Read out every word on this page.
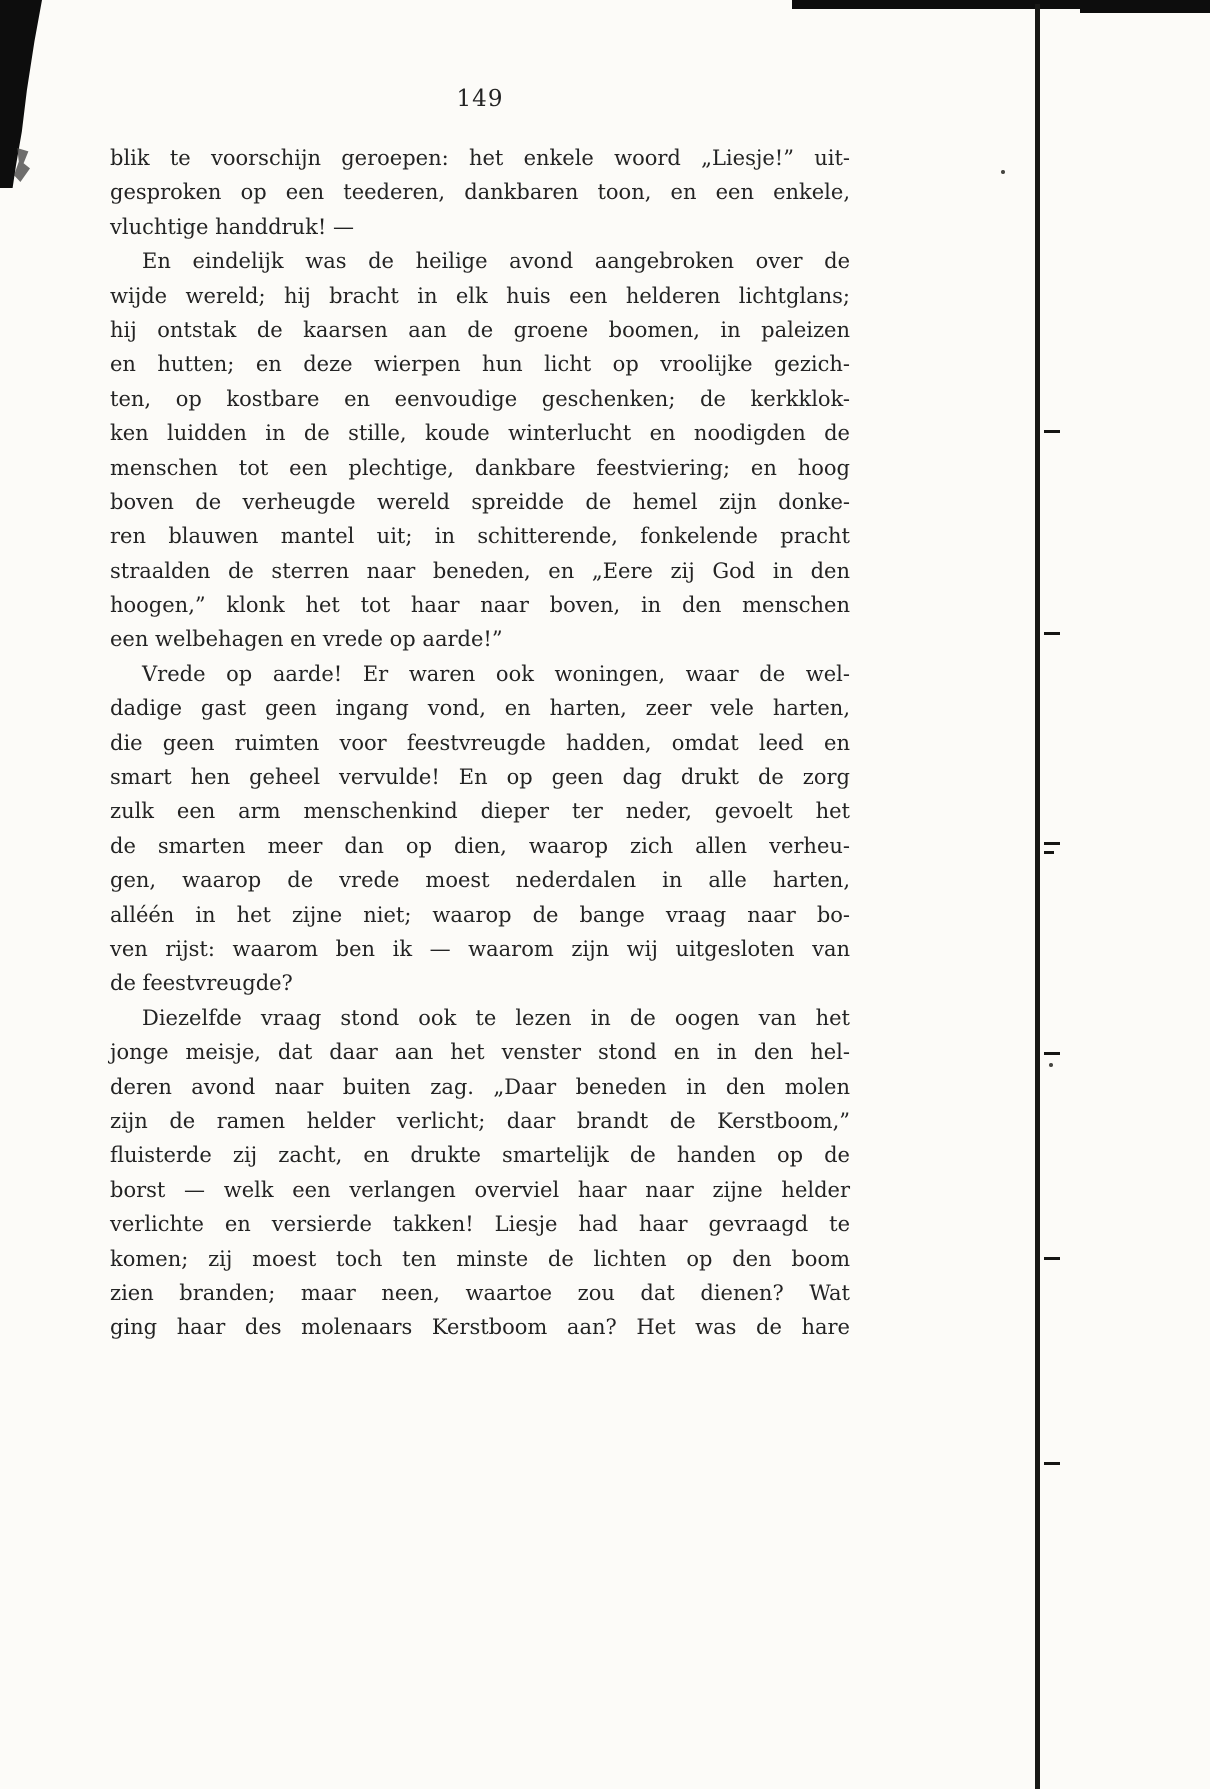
149
blik te voorschijn geroepen: het enkele woord „Liesje!” uit-
gesproken op een teederen, dankbaren toon, en een enkele,
vluchtige handdruk! —
En eindelijk was de heilige avond aangebroken over de
wijde wereld; hij bracht in elk huis een helderen lichtglans;
hij ontstak de kaarsen aan de groene boomen, in paleizen
en hutten; en deze wierpen hun licht op vroolijke gezich-
ten, op kostbare en eenvoudige geschenken; de kerkklok-
ken luidden in de stille, koude winterlucht en noodigden de
menschen tot een plechtige, dankbare feestviering; en hoog
boven de verheugde wereld spreidde de hemel zijn donke-
ren blauwen mantel uit; in schitterende, fonkelende pracht
straalden de sterren naar beneden, en „Eere zij God in den
hoogen,” klonk het tot haar naar boven, in den menschen
een welbehagen en vrede op aarde!”
Vrede op aarde! Er waren ook woningen, waar de wel-
dadige gast geen ingang vond, en harten, zeer vele harten,
die geen ruimten voor feestvreugde hadden, omdat leed en
smart hen geheel vervulde! En op geen dag drukt de zorg
zulk een arm menschenkind dieper ter neder, gevoelt het
de smarten meer dan op dien, waarop zich allen verheu-
gen, waarop de vrede moest nederdalen in alle harten,
alléén in het zijne niet; waarop de bange vraag naar bo-
ven rijst: waarom ben ik — waarom zijn wij uitgesloten van
de feestvreugde?
Diezelfde vraag stond ook te lezen in de oogen van het
jonge meisje, dat daar aan het venster stond en in den hel-
deren avond naar buiten zag. „Daar beneden in den molen
zijn de ramen helder verlicht; daar brandt de Kerstboom,”
fluisterde zij zacht, en drukte smartelijk de handen op de
borst — welk een verlangen overviel haar naar zijne helder
verlichte en versierde takken! Liesje had haar gevraagd te
komen; zij moest toch ten minste de lichten op den boom
zien branden; maar neen, waartoe zou dat dienen? Wat
ging haar des molenaars Kerstboom aan? Het was de hare
